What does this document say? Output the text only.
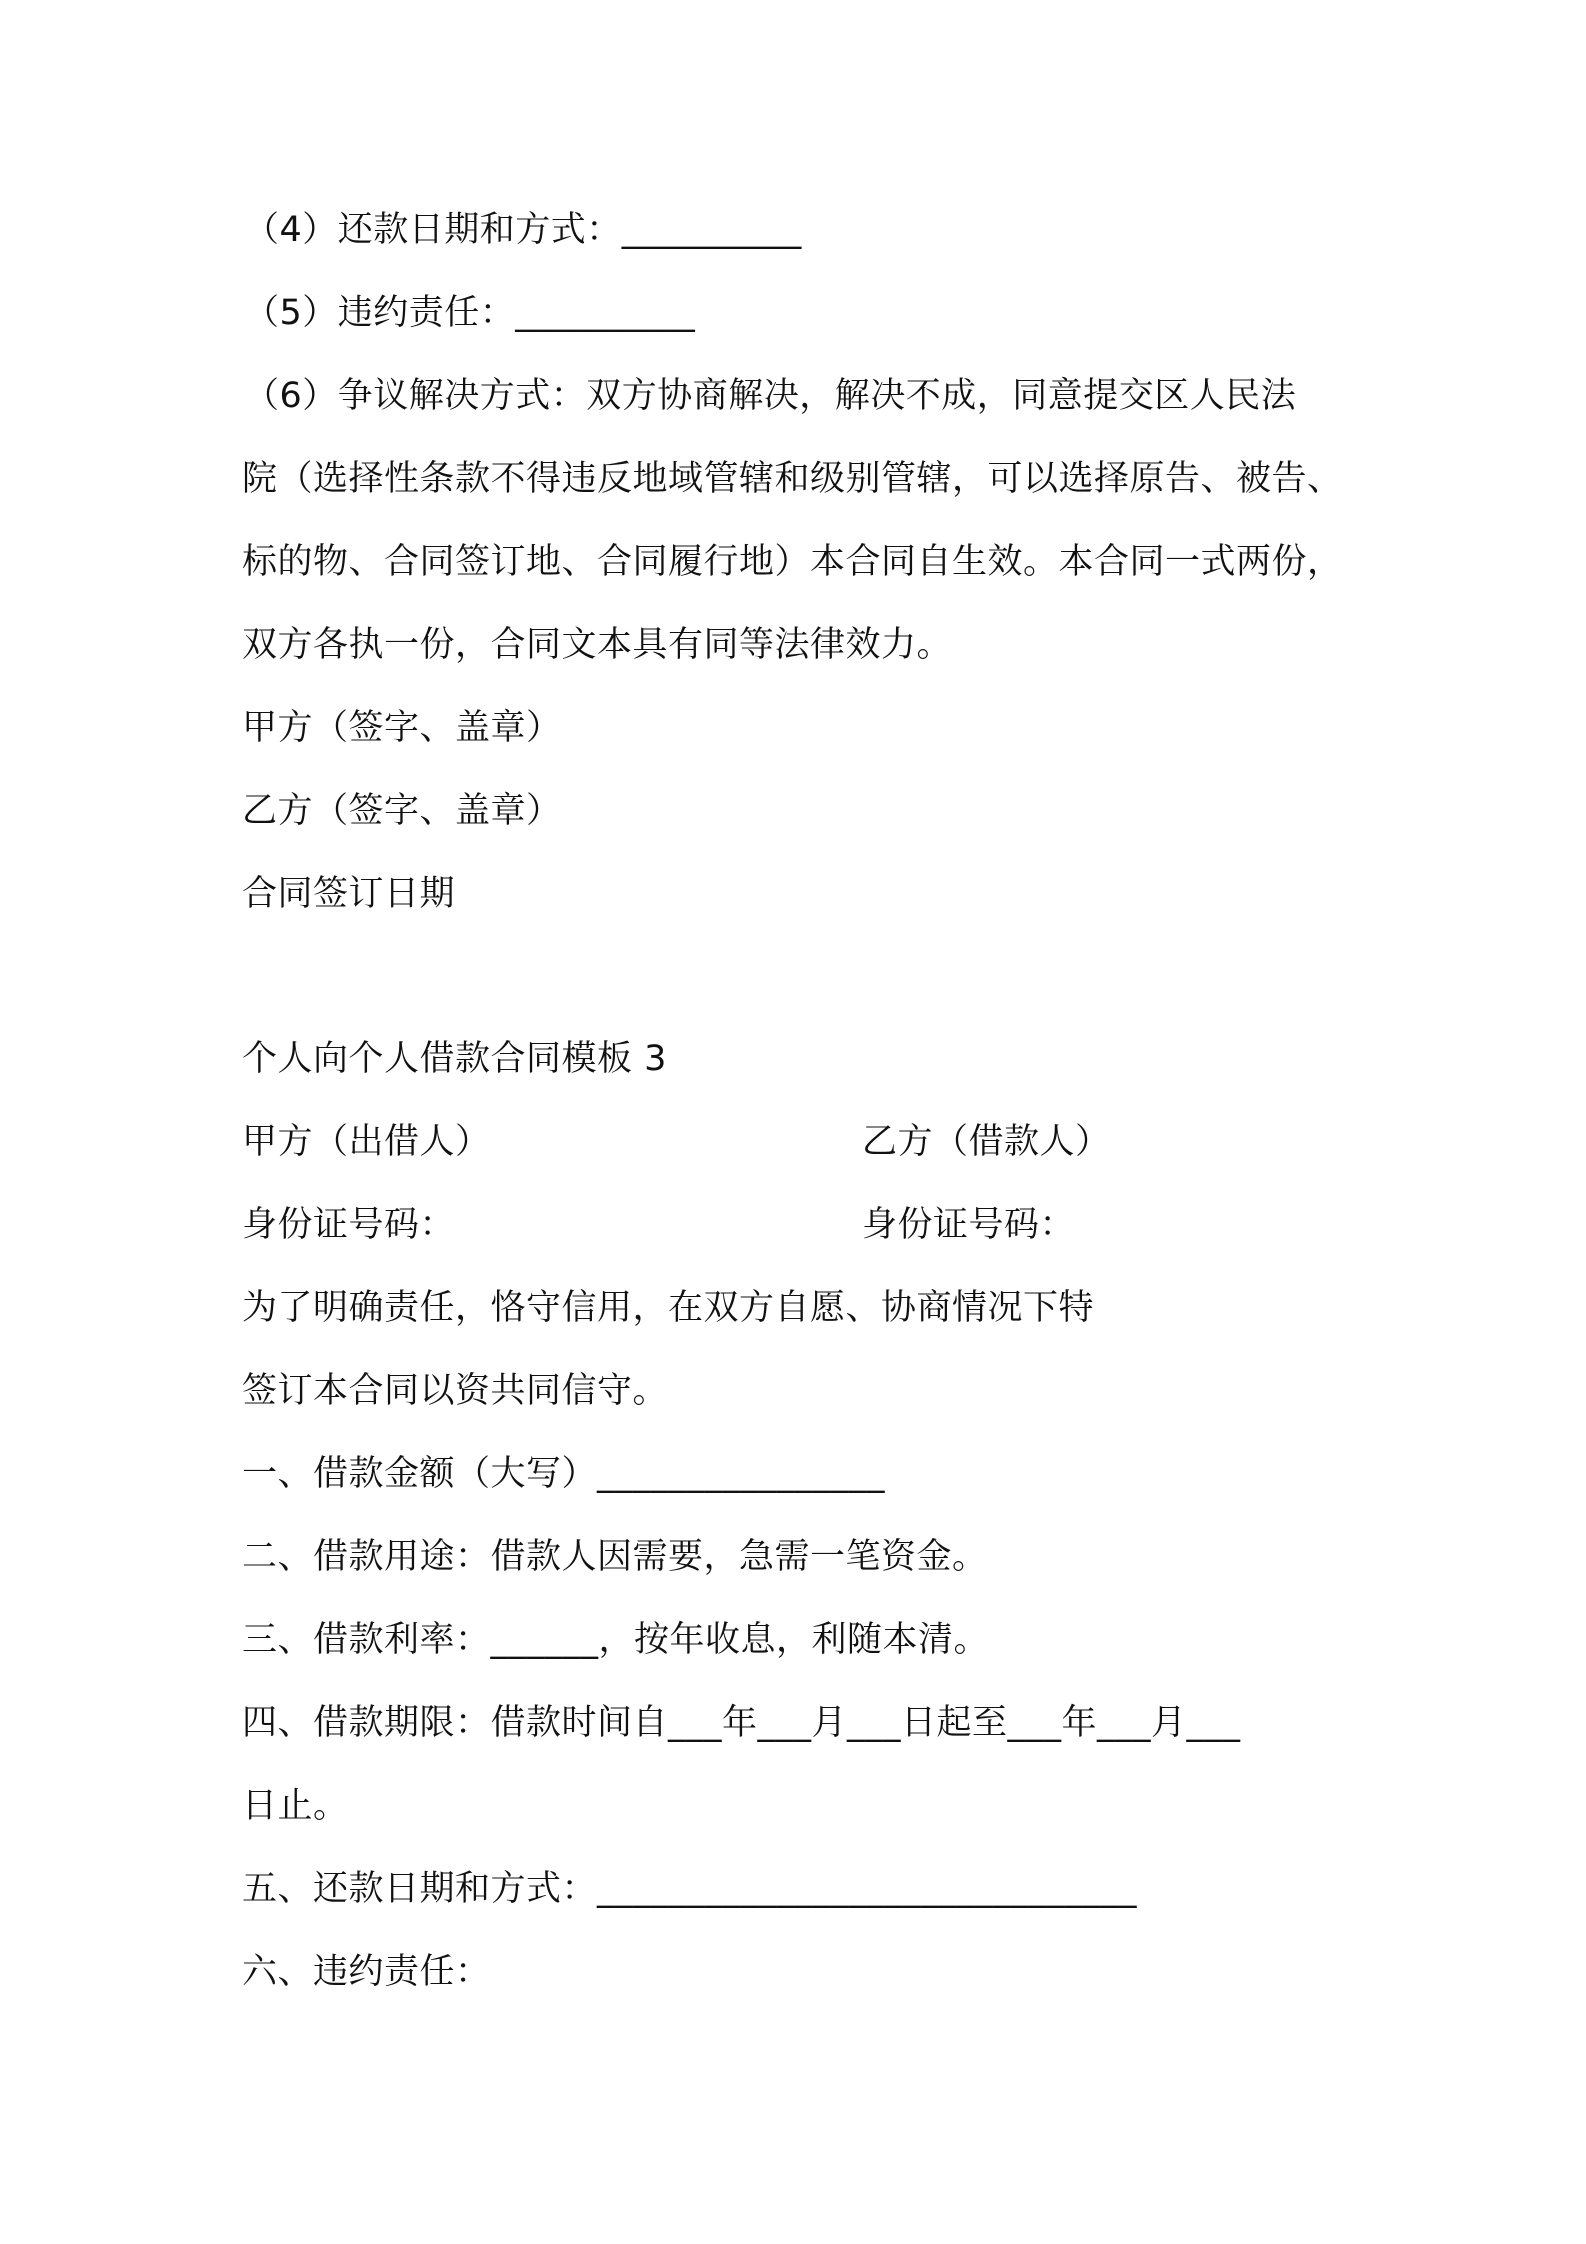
（4）还款日期和方式：__________
（5）违约责任：__________
（6）争议解决方式：双方协商解决，解决不成，同意提交区人民法
院（选择性条款不得违反地域管辖和级别管辖，可以选择原告、被告、
标的物、合同签订地、合同履行地）本合同自生效。本合同一式两份，
双方各执一份，合同文本具有同等法律效力。
甲方（签字、盖章）
乙方（签字、盖章）
合同签订日期
个人向个人借款合同模板 3
甲方（出借人）	乙方（借款人）
身份证号码：	身份证号码：
为了明确责任，恪守信用，在双方自愿、协商情况下特
签订本合同以资共同信守。
一、借款金额（大写）________________
二、借款用途：借款人因需要，急需一笔资金。
三、借款利率：______，按年收息，利随本清。
四、借款期限：借款时间自___年___月___日起至___年___月___
日止。
五、还款日期和方式：______________________________
六、违约责任：
